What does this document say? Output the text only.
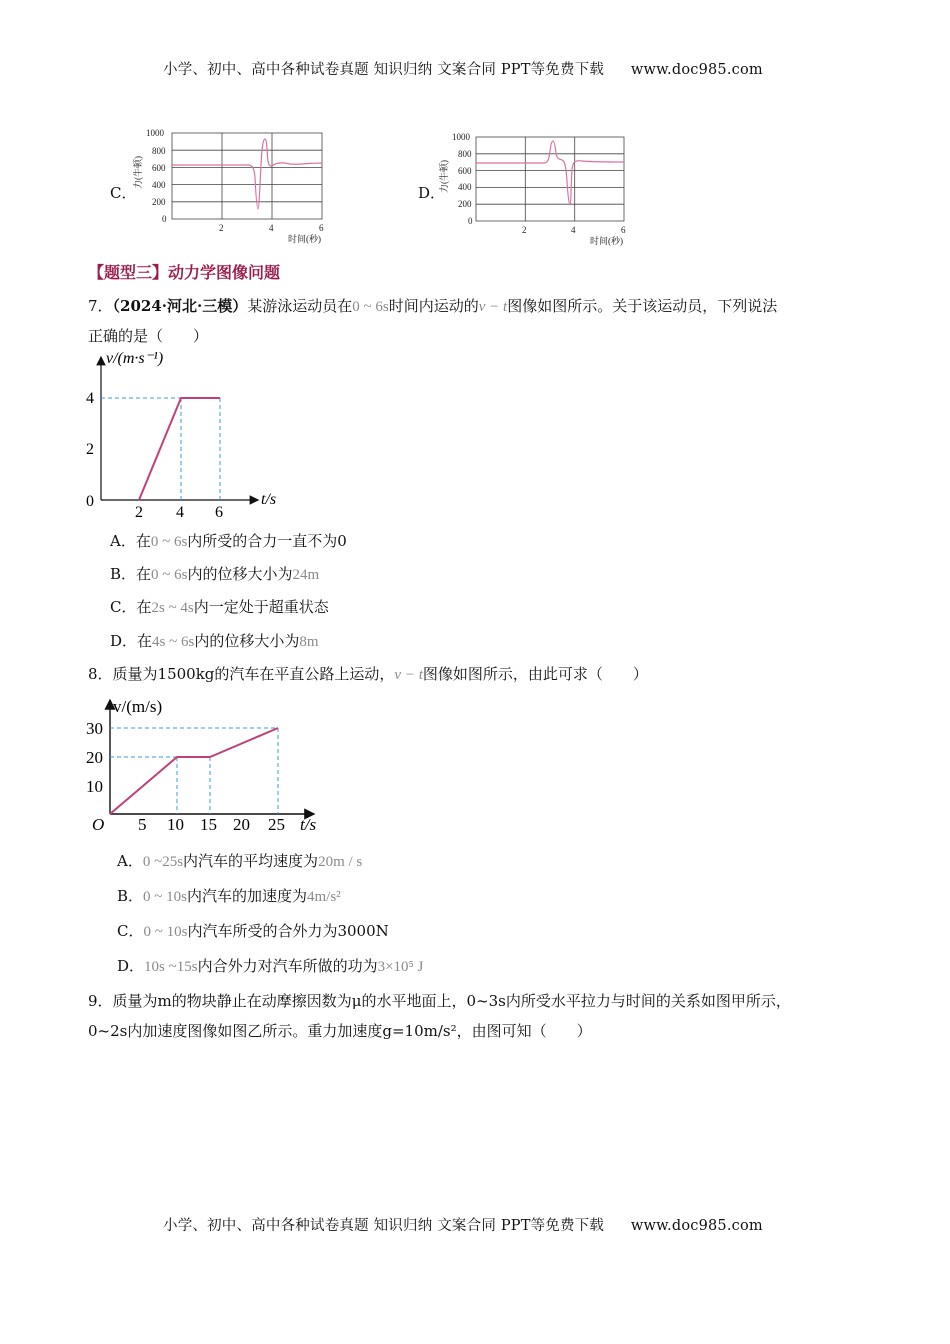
小学、初中、高中各种试卷真题 知识归纳 文案合同 PPT等免费下载 www.doc985.com
小学、初中、高中各种试卷真题 知识归纳 文案合同 PPT等免费下载 www.doc985.com
C．
1000
800
600
400
200
0
2	4	6
时间(秒)
力(牛顿)
D．
1000
800
600
400
200
0
2	4	6
时间(秒)
力(牛顿)
【题型三】动力学图像问题
7．（2024·河北·三模）某游泳运动员在0 ~ 6s时间内运动的v − t图像如图所示。关于该运动员，下列说法
正确的是（　　）
v/(m·s⁻¹)
t/s
4
2
0
2 4 6
A．在0 ~ 6s内所受的合力一直不为0
B．在0 ~ 6s内的位移大小为24m
C．在2s ~ 4s内一定处于超重状态
D．在4s ~ 6s内的位移大小为8m
8．质量为1500kg的汽车在平直公路上运动，v − t图像如图所示，由此可求（　　）
v/(m/s)
t/s
O
30
20
10
5 10 15 20 25
A．0 ~25s内汽车的平均速度为20m / s
B．0 ~ 10s内汽车的加速度为4m/s²
C．0 ~ 10s内汽车所受的合外力为3000N
D．10s ~15s内合外力对汽车所做的功为3×10⁵ J
9．质量为m的物块静止在动摩擦因数为μ的水平地面上，0~3s内所受水平拉力与时间的关系如图甲所示，
0~2s内加速度图像如图乙所示。重力加速度g=10m/s²，由图可知（　　）
